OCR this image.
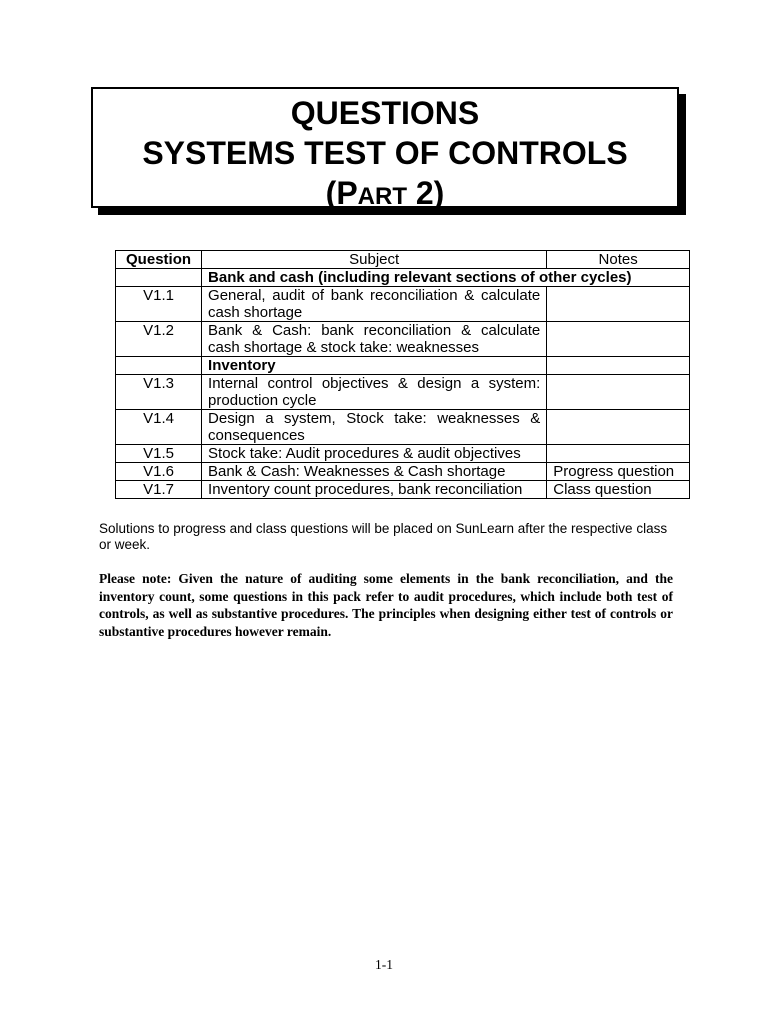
QUESTIONS
SYSTEMS TEST OF CONTROLS
(PART 2)
Question	Subject	Notes
	Bank and cash (including relevant sections of other cycles)	
V1.1	General, audit of bank reconciliation & calculate cash shortage	
V1.2	Bank & Cash: bank reconciliation & calculate cash shortage & stock take: weaknesses	
	Inventory	
V1.3	Internal control objectives & design a system: production cycle	
V1.4	Design a system, Stock take: weaknesses & consequences	
V1.5	Stock take: Audit procedures & audit objectives	
V1.6	Bank & Cash: Weaknesses & Cash shortage	Progress question
V1.7	Inventory count procedures, bank reconciliation	Class question
Solutions to progress and class questions will be placed on SunLearn after the respective class or week.
Please note: Given the nature of auditing some elements in the bank reconciliation, and the inventory count, some questions in this pack refer to audit procedures, which include both test of controls, as well as substantive procedures. The principles when designing either test of controls or substantive procedures however remain.
1-1
